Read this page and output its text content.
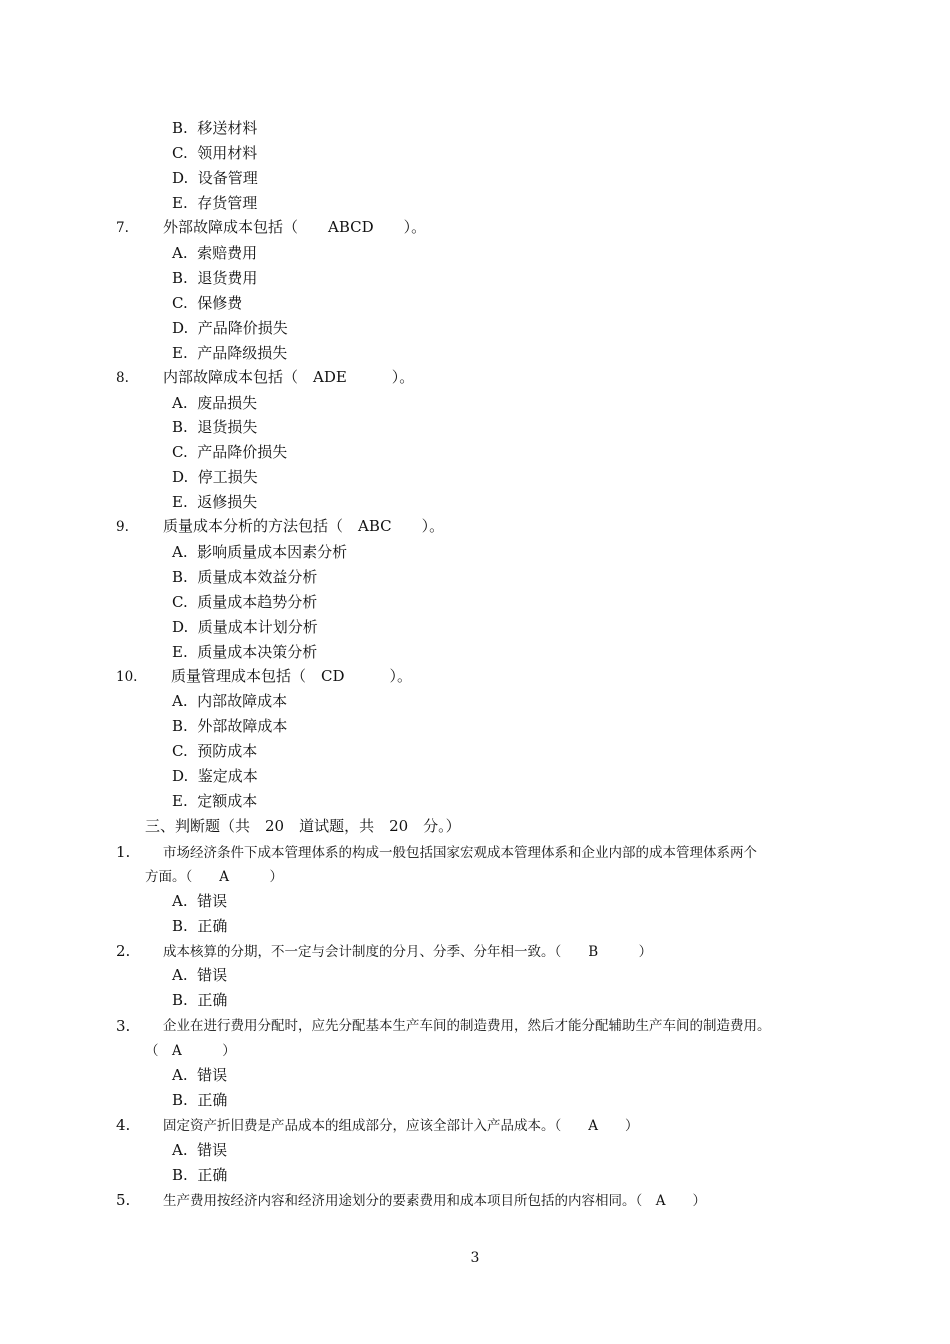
B.  移送材料
C.  领用材料
D.  设备管理
E.  存货管理
7. 外部故障成本包括（　　ABCD　　）。
A.  索赔费用
B.  退货费用
C.  保修费
D.  产品降价损失
E.  产品降级损失
8. 内部故障成本包括（　ADE　　　）。
A.  废品损失
B.  退货损失
C.  产品降价损失
D.  停工损失
E.  返修损失
9. 质量成本分析的方法包括（　ABC　　）。
A.  影响质量成本因素分析
B.  质量成本效益分析
C.  质量成本趋势分析
D.  质量成本计划分析
E.  质量成本决策分析
10. 质量管理成本包括（　CD　　　）。
A.  内部故障成本
B.  外部故障成本
C.  预防成本
D.  鉴定成本
E.  定额成本
三、判断题（共　20　道试题，共　20　分。）
1. 市场经济条件下成本管理体系的构成一般包括国家宏观成本管理体系和企业内部的成本管理体系两个
方面。（　　A　　　）
A.  错误
B.  正确
2. 成本核算的分期，不一定与会计制度的分月、分季、分年相一致。（　　B　　　）
A.  错误
B.  正确
3. 企业在进行费用分配时，应先分配基本生产车间的制造费用，然后才能分配辅助生产车间的制造费用。
（　A　　　）
A.  错误
B.  正确
4. 固定资产折旧费是产品成本的组成部分，应该全部计入产品成本。（　　A　　）
A.  错误
B.  正确
5. 生产费用按经济内容和经济用途划分的要素费用和成本项目所包括的内容相同。（　A　　）
3
